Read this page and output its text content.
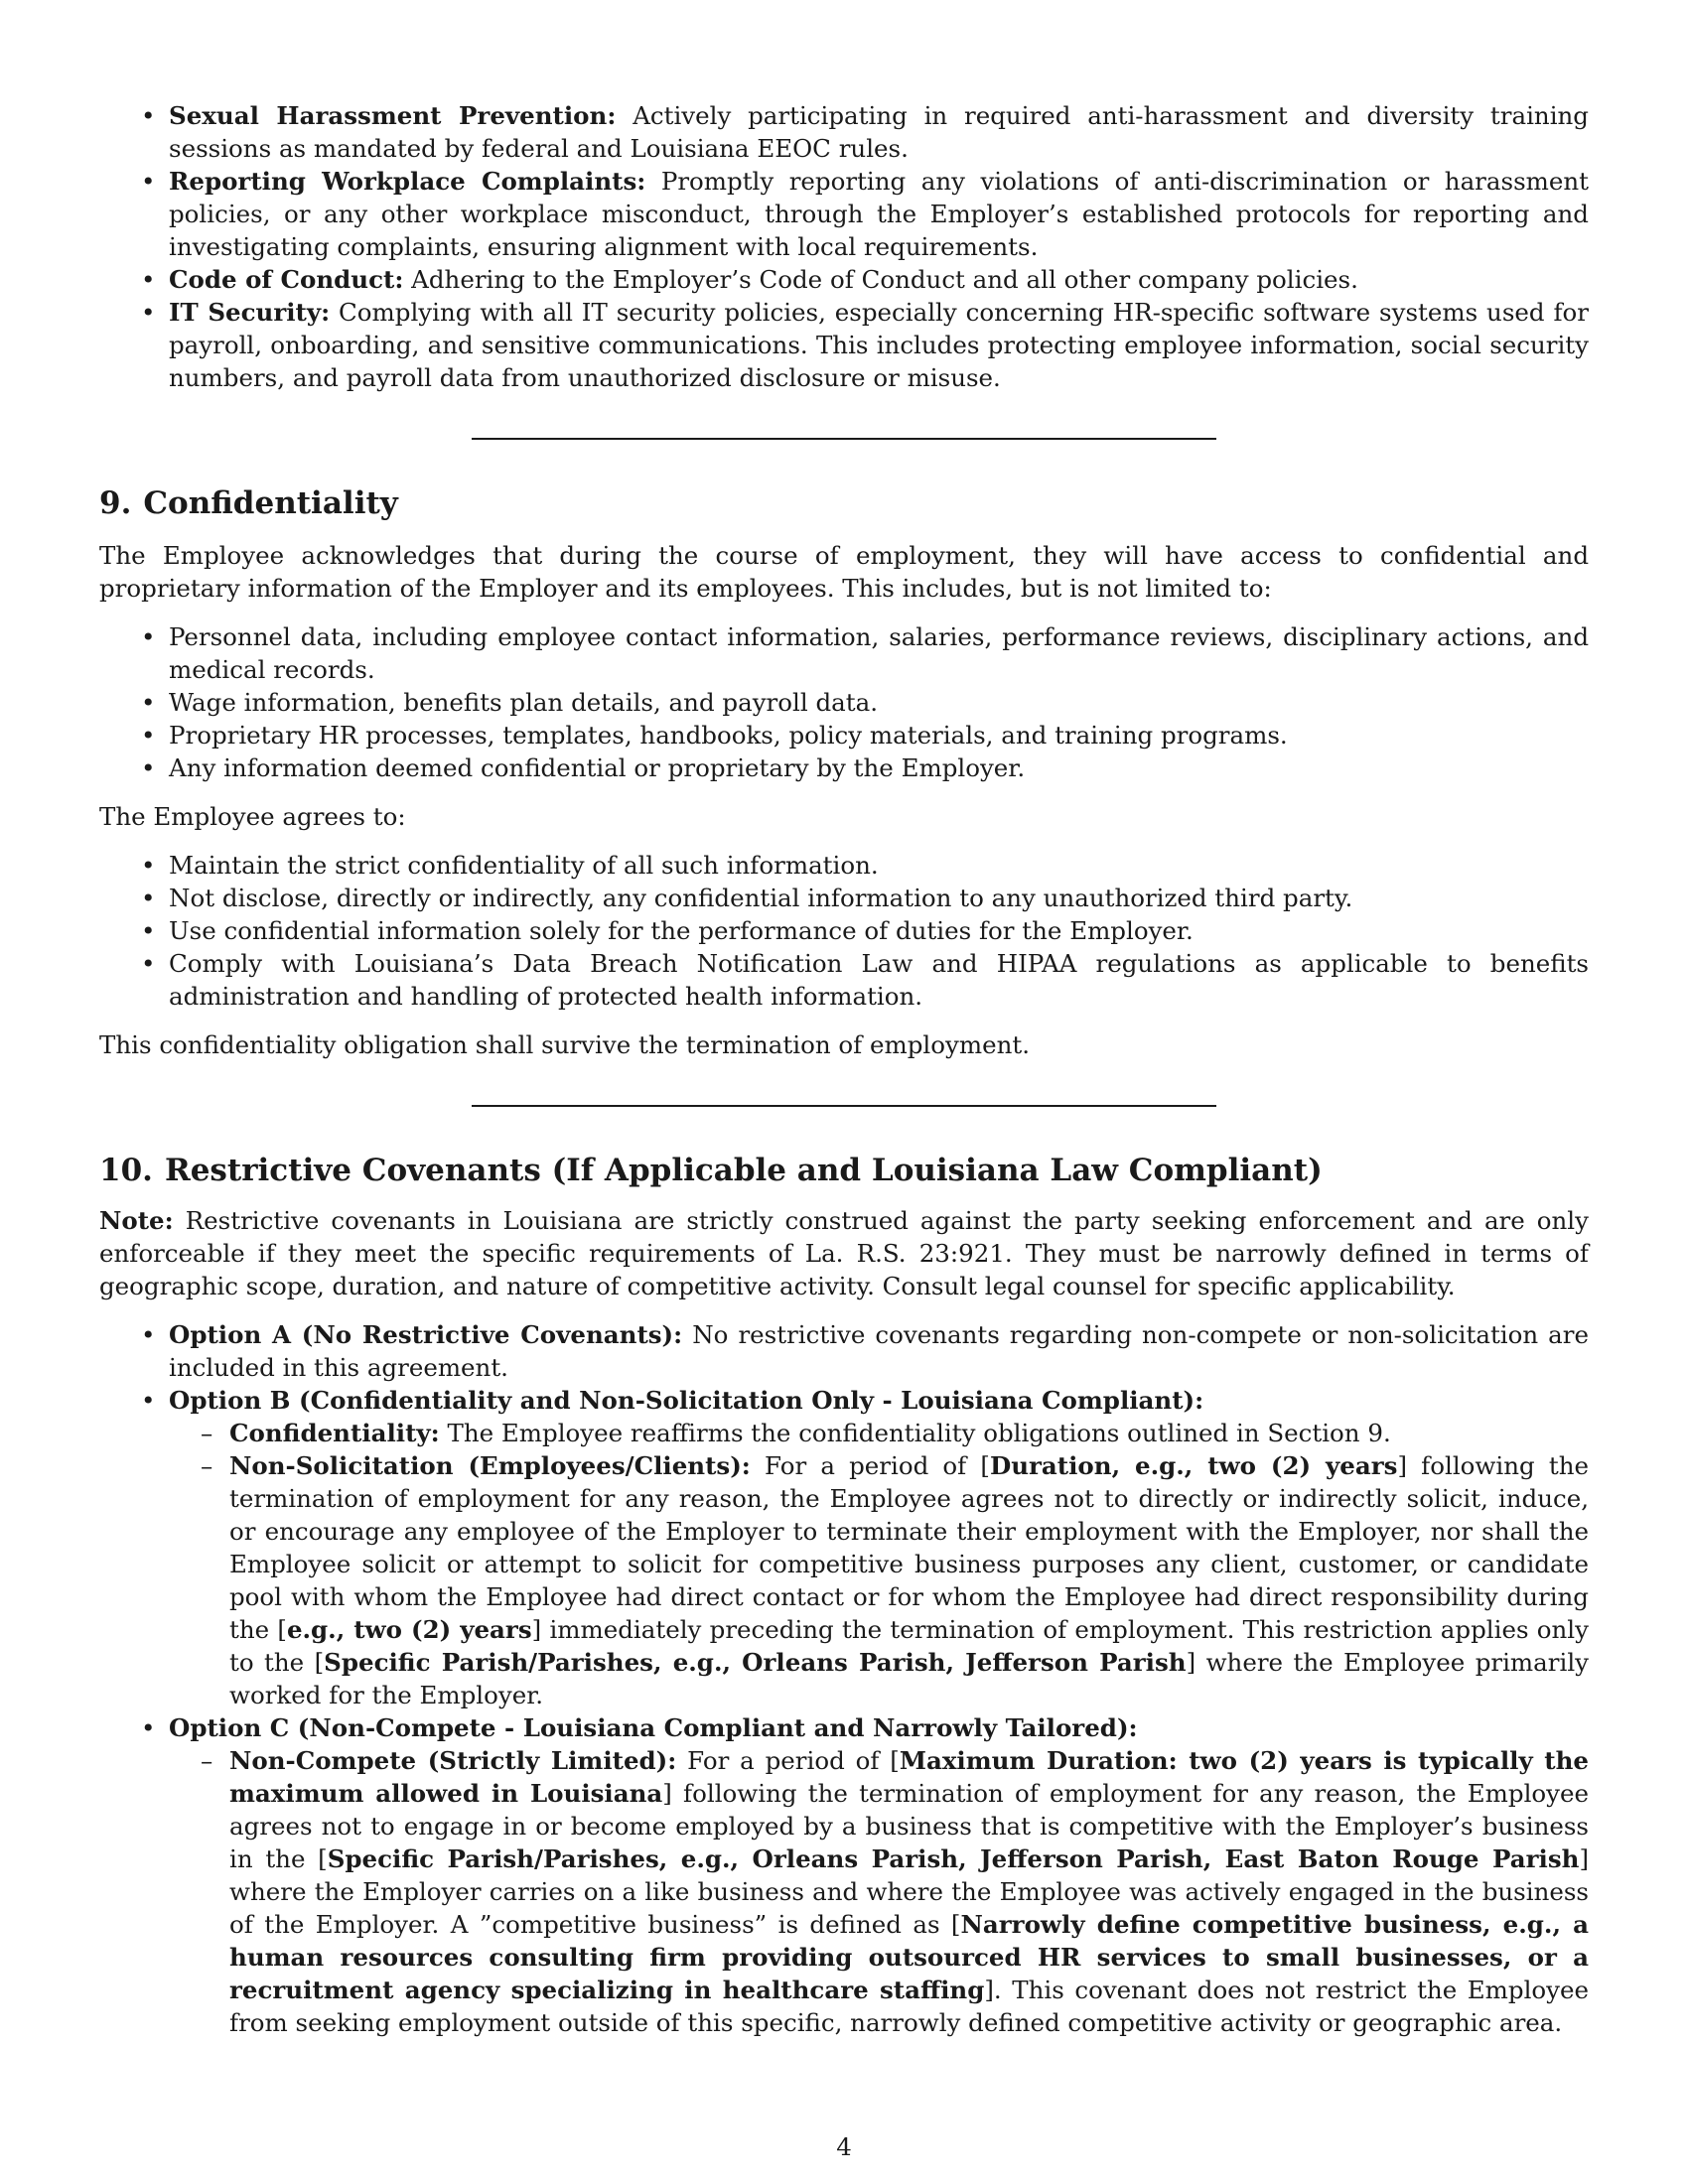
• Sexual Harassment Prevention: Actively participating in required anti-harassment and diversity training sessions as mandated by federal and Louisiana EEOC rules.
• Reporting Workplace Complaints: Promptly reporting any violations of anti-discrimination or harassment policies, or any other workplace misconduct, through the Employer’s established protocols for reporting and investigating complaints, ensuring alignment with local requirements.
• Code of Conduct: Adhering to the Employer’s Code of Conduct and all other company policies.
• IT Security: Complying with all IT security policies, especially concerning HR-specific software systems used for payroll, onboarding, and sensitive communications. This includes protecting employee information, social security numbers, and payroll data from unauthorized disclosure or misuse.
9. Confidentiality

The Employee acknowledges that during the course of employment, they will have access to confidential and proprietary information of the Employer and its employees. This includes, but is not limited to:

• Personnel data, including employee contact information, salaries, performance reviews, disciplinary actions, and medical records.
• Wage information, benefits plan details, and payroll data.
• Proprietary HR processes, templates, handbooks, policy materials, and training programs.
• Any information deemed confidential or proprietary by the Employer.

The Employee agrees to:

• Maintain the strict confidentiality of all such information.
• Not disclose, directly or indirectly, any confidential information to any unauthorized third party.
• Use confidential information solely for the performance of duties for the Employer.
• Comply with Louisiana’s Data Breach Notification Law and HIPAA regulations as applicable to benefits administration and handling of protected health information.

This confidentiality obligation shall survive the termination of employment.

10. Restrictive Covenants (If Applicable and Louisiana Law Compliant)

Note: Restrictive covenants in Louisiana are strictly construed against the party seeking enforcement and are only enforceable if they meet the specific requirements of La. R.S. 23:921. They must be narrowly defined in terms of geographic scope, duration, and nature of competitive activity. Consult legal counsel for specific applicability.

• Option A (No Restrictive Covenants): No restrictive covenants regarding non-compete or non-solicitation are included in this agreement.
• Option B (Confidentiality and Non-Solicitation Only - Louisiana Compliant):
– Confidentiality: The Employee reaffirms the confidentiality obligations outlined in Section 9.
– Non-Solicitation (Employees/Clients): For a period of [Duration, e.g., two (2) years] following the termination of employment for any reason, the Employee agrees not to directly or indirectly solicit, induce, or encourage any employee of the Employer to terminate their employment with the Employer, nor shall the Employee solicit or attempt to solicit for competitive business purposes any client, customer, or candidate pool with whom the Employee had direct contact or for whom the Employee had direct responsibility during the [e.g., two (2) years] immediately preceding the termination of employment. This restriction applies only to the [Specific Parish/Parishes, e.g., Orleans Parish, Jefferson Parish] where the Employee primarily worked for the Employer.
• Option C (Non-Compete - Louisiana Compliant and Narrowly Tailored):
– Non-Compete (Strictly Limited): For a period of [Maximum Duration: two (2) years is typically the maximum allowed in Louisiana] following the termination of employment for any reason, the Employee agrees not to engage in or become employed by a business that is competitive with the Employer’s business in the [Specific Parish/Parishes, e.g., Orleans Parish, Jefferson Parish, East Baton Rouge Parish] where the Employer carries on a like business and where the Employee was actively engaged in the business of the Employer. A ”competitive business” is defined as [Narrowly define competitive business, e.g., a human resources consulting firm providing outsourced HR services to small businesses, or a recruitment agency specializing in healthcare staffing]. This covenant does not restrict the Employee from seeking employment outside of this specific, narrowly defined competitive activity or geographic area.
4
